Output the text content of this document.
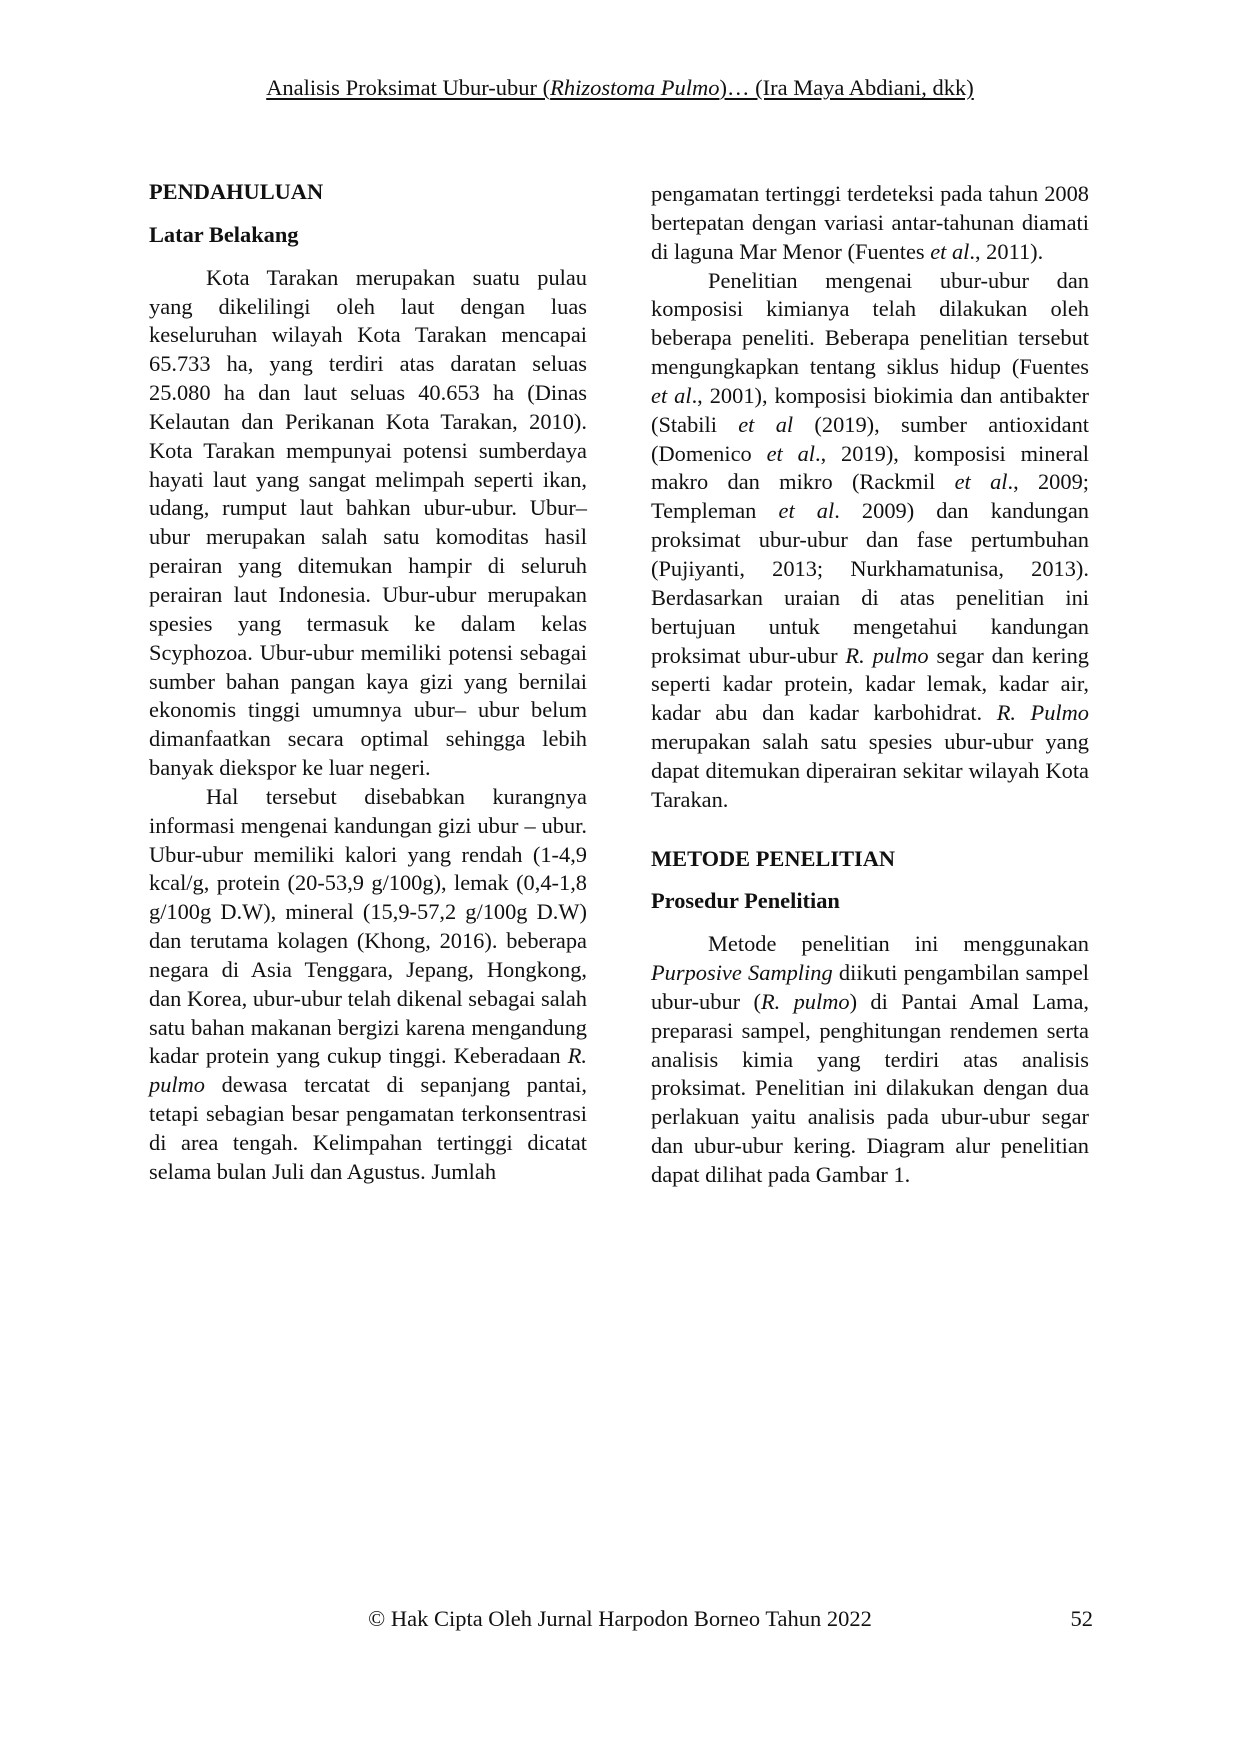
Analisis Proksimat Ubur-ubur (Rhizostoma Pulmo)… (Ira Maya Abdiani, dkk)
PENDAHULUAN
Latar Belakang

Kota Tarakan merupakan suatu pulau yang dikelilingi oleh laut dengan luas keseluruhan wilayah Kota Tarakan mencapai 65.733 ha, yang terdiri atas daratan seluas 25.080 ha dan laut seluas 40.653 ha (Dinas Kelautan dan Perikanan Kota Tarakan, 2010). Kota Tarakan mempunyai potensi sumberdaya hayati laut yang sangat melimpah seperti ikan, udang, rumput laut bahkan ubur-ubur. Ubur–ubur merupakan salah satu komoditas hasil perairan yang ditemukan hampir di seluruh perairan laut Indonesia. Ubur-ubur merupakan spesies yang termasuk ke dalam kelas Scyphozoa. Ubur-ubur memiliki potensi sebagai sumber bahan pangan kaya gizi yang bernilai ekonomis tinggi umumnya ubur– ubur belum dimanfaatkan secara optimal sehingga lebih banyak diekspor ke luar negeri.

Hal tersebut disebabkan kurangnya informasi mengenai kandungan gizi ubur – ubur. Ubur-ubur memiliki kalori yang rendah (1-4,9 kcal/g, protein (20-53,9 g/100g), lemak (0,4-1,8 g/100g D.W), mineral (15,9-57,2 g/100g D.W) dan terutama kolagen (Khong, 2016). beberapa negara di Asia Tenggara, Jepang, Hongkong, dan Korea, ubur-ubur telah dikenal sebagai salah satu bahan makanan bergizi karena mengandung kadar protein yang cukup tinggi. Keberadaan R. pulmo dewasa tercatat di sepanjang pantai, tetapi sebagian besar pengamatan terkonsentrasi di area tengah. Kelimpahan tertinggi dicatat selama bulan Juli dan Agustus. Jumlah

pengamatan tertinggi terdeteksi pada tahun 2008 bertepatan dengan variasi antar-tahunan diamati di laguna Mar Menor (Fuentes et al., 2011).

Penelitian mengenai ubur-ubur dan komposisi kimianya telah dilakukan oleh beberapa peneliti. Beberapa penelitian tersebut mengungkapkan tentang siklus hidup (Fuentes et al., 2001), komposisi biokimia dan antibakter (Stabili et al (2019), sumber antioxidant (Domenico et al., 2019), komposisi mineral makro dan mikro (Rackmil et al., 2009; Templeman et al. 2009) dan kandungan proksimat ubur-ubur dan fase pertumbuhan (Pujiyanti, 2013; Nurkhamatunisa, 2013). Berdasarkan uraian di atas penelitian ini bertujuan untuk mengetahui kandungan proksimat ubur-ubur R. pulmo segar dan kering seperti kadar protein, kadar lemak, kadar air, kadar abu dan kadar karbohidrat. R. Pulmo merupakan salah satu spesies ubur-ubur yang dapat ditemukan diperairan sekitar wilayah Kota Tarakan.

METODE PENELITIAN
Prosedur Penelitian

Metode penelitian ini menggunakan Purposive Sampling diikuti pengambilan sampel ubur-ubur (R. pulmo) di Pantai Amal Lama, preparasi sampel, penghitungan rendemen serta analisis kimia yang terdiri atas analisis proksimat. Penelitian ini dilakukan dengan dua perlakuan yaitu analisis pada ubur-ubur segar dan ubur-ubur kering. Diagram alur penelitian dapat dilihat pada Gambar 1.

© Hak Cipta Oleh Jurnal Harpodon Borneo Tahun 2022	52
